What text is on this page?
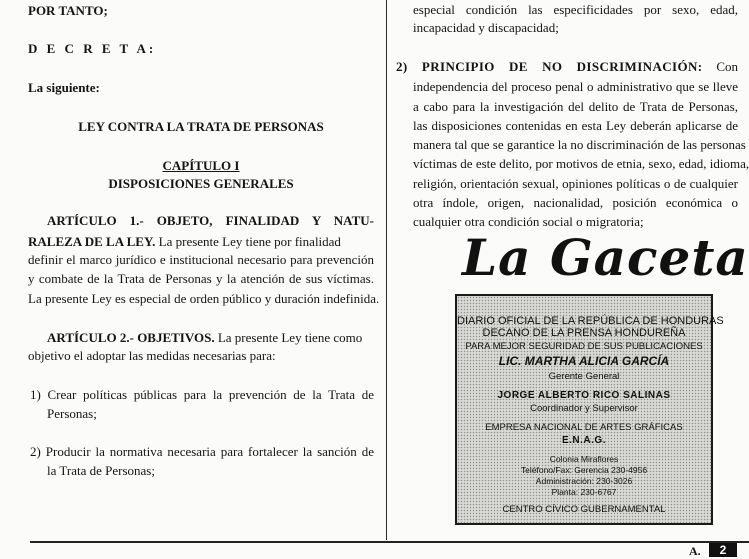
POR TANTO;
D E C R E T A:
La siguiente:
LEY CONTRA LA TRATA DE PERSONAS
CAPÍTULO I
DISPOSICIONES GENERALES
ARTÍCULO 1.- OBJETO, FINALIDAD Y NATU-
RALEZA DE LA LEY. La presente Ley tiene por finalidad
definir el marco jurídico e institucional necesario para prevención
y combate de la Trata de Personas y la atención de sus víctimas.
La presente Ley es especial de orden público y duración indefinida.
ARTÍCULO 2.- OBJETIVOS. La presente Ley tiene como
objetivo el adoptar las medidas necesarias para:
1) Crear políticas públicas para la prevención de la Trata de
Personas;
2) Producir la normativa necesaria para fortalecer la sanción de
la Trata de Personas;
especial condición las especificidades por sexo, edad,
incapacidad y discapacidad;
2) PRINCIPIO DE NO DISCRIMINACIÓN: Con
independencia del proceso penal o administrativo que se lleve
a cabo para la investigación del delito de Trata de Personas,
las disposiciones contenidas en esta Ley deberán aplicarse de
manera tal que se garantice la no discriminación de las personas
víctimas de este delito, por motivos de etnia, sexo, edad, idioma,
religión, orientación sexual, opiniones políticas o de cualquier
otra índole, origen, nacionalidad, posición económica o
cualquier otra condición social o migratoria;
La Gaceta
DIARIO OFICIAL DE LA REPÚBLICA DE HONDURAS
DECANO DE LA PRENSA HONDUREÑA
PARA MEJOR SEGURIDAD DE SUS PUBLICACIONES
LIC. MARTHA ALICIA GARCÍA
Gerente General
JORGE ALBERTO RICO SALINAS
Coordinador y Supervisor
EMPRESA NACIONAL DE ARTES GRÁFICAS
E.N.A.G.
Colonia Miraflores
Teléfono/Fax: Gerencia 230-4956
Administración: 230-3026
Planta: 230-6767
CENTRO CÍVICO GUBERNAMENTAL
A.	2
